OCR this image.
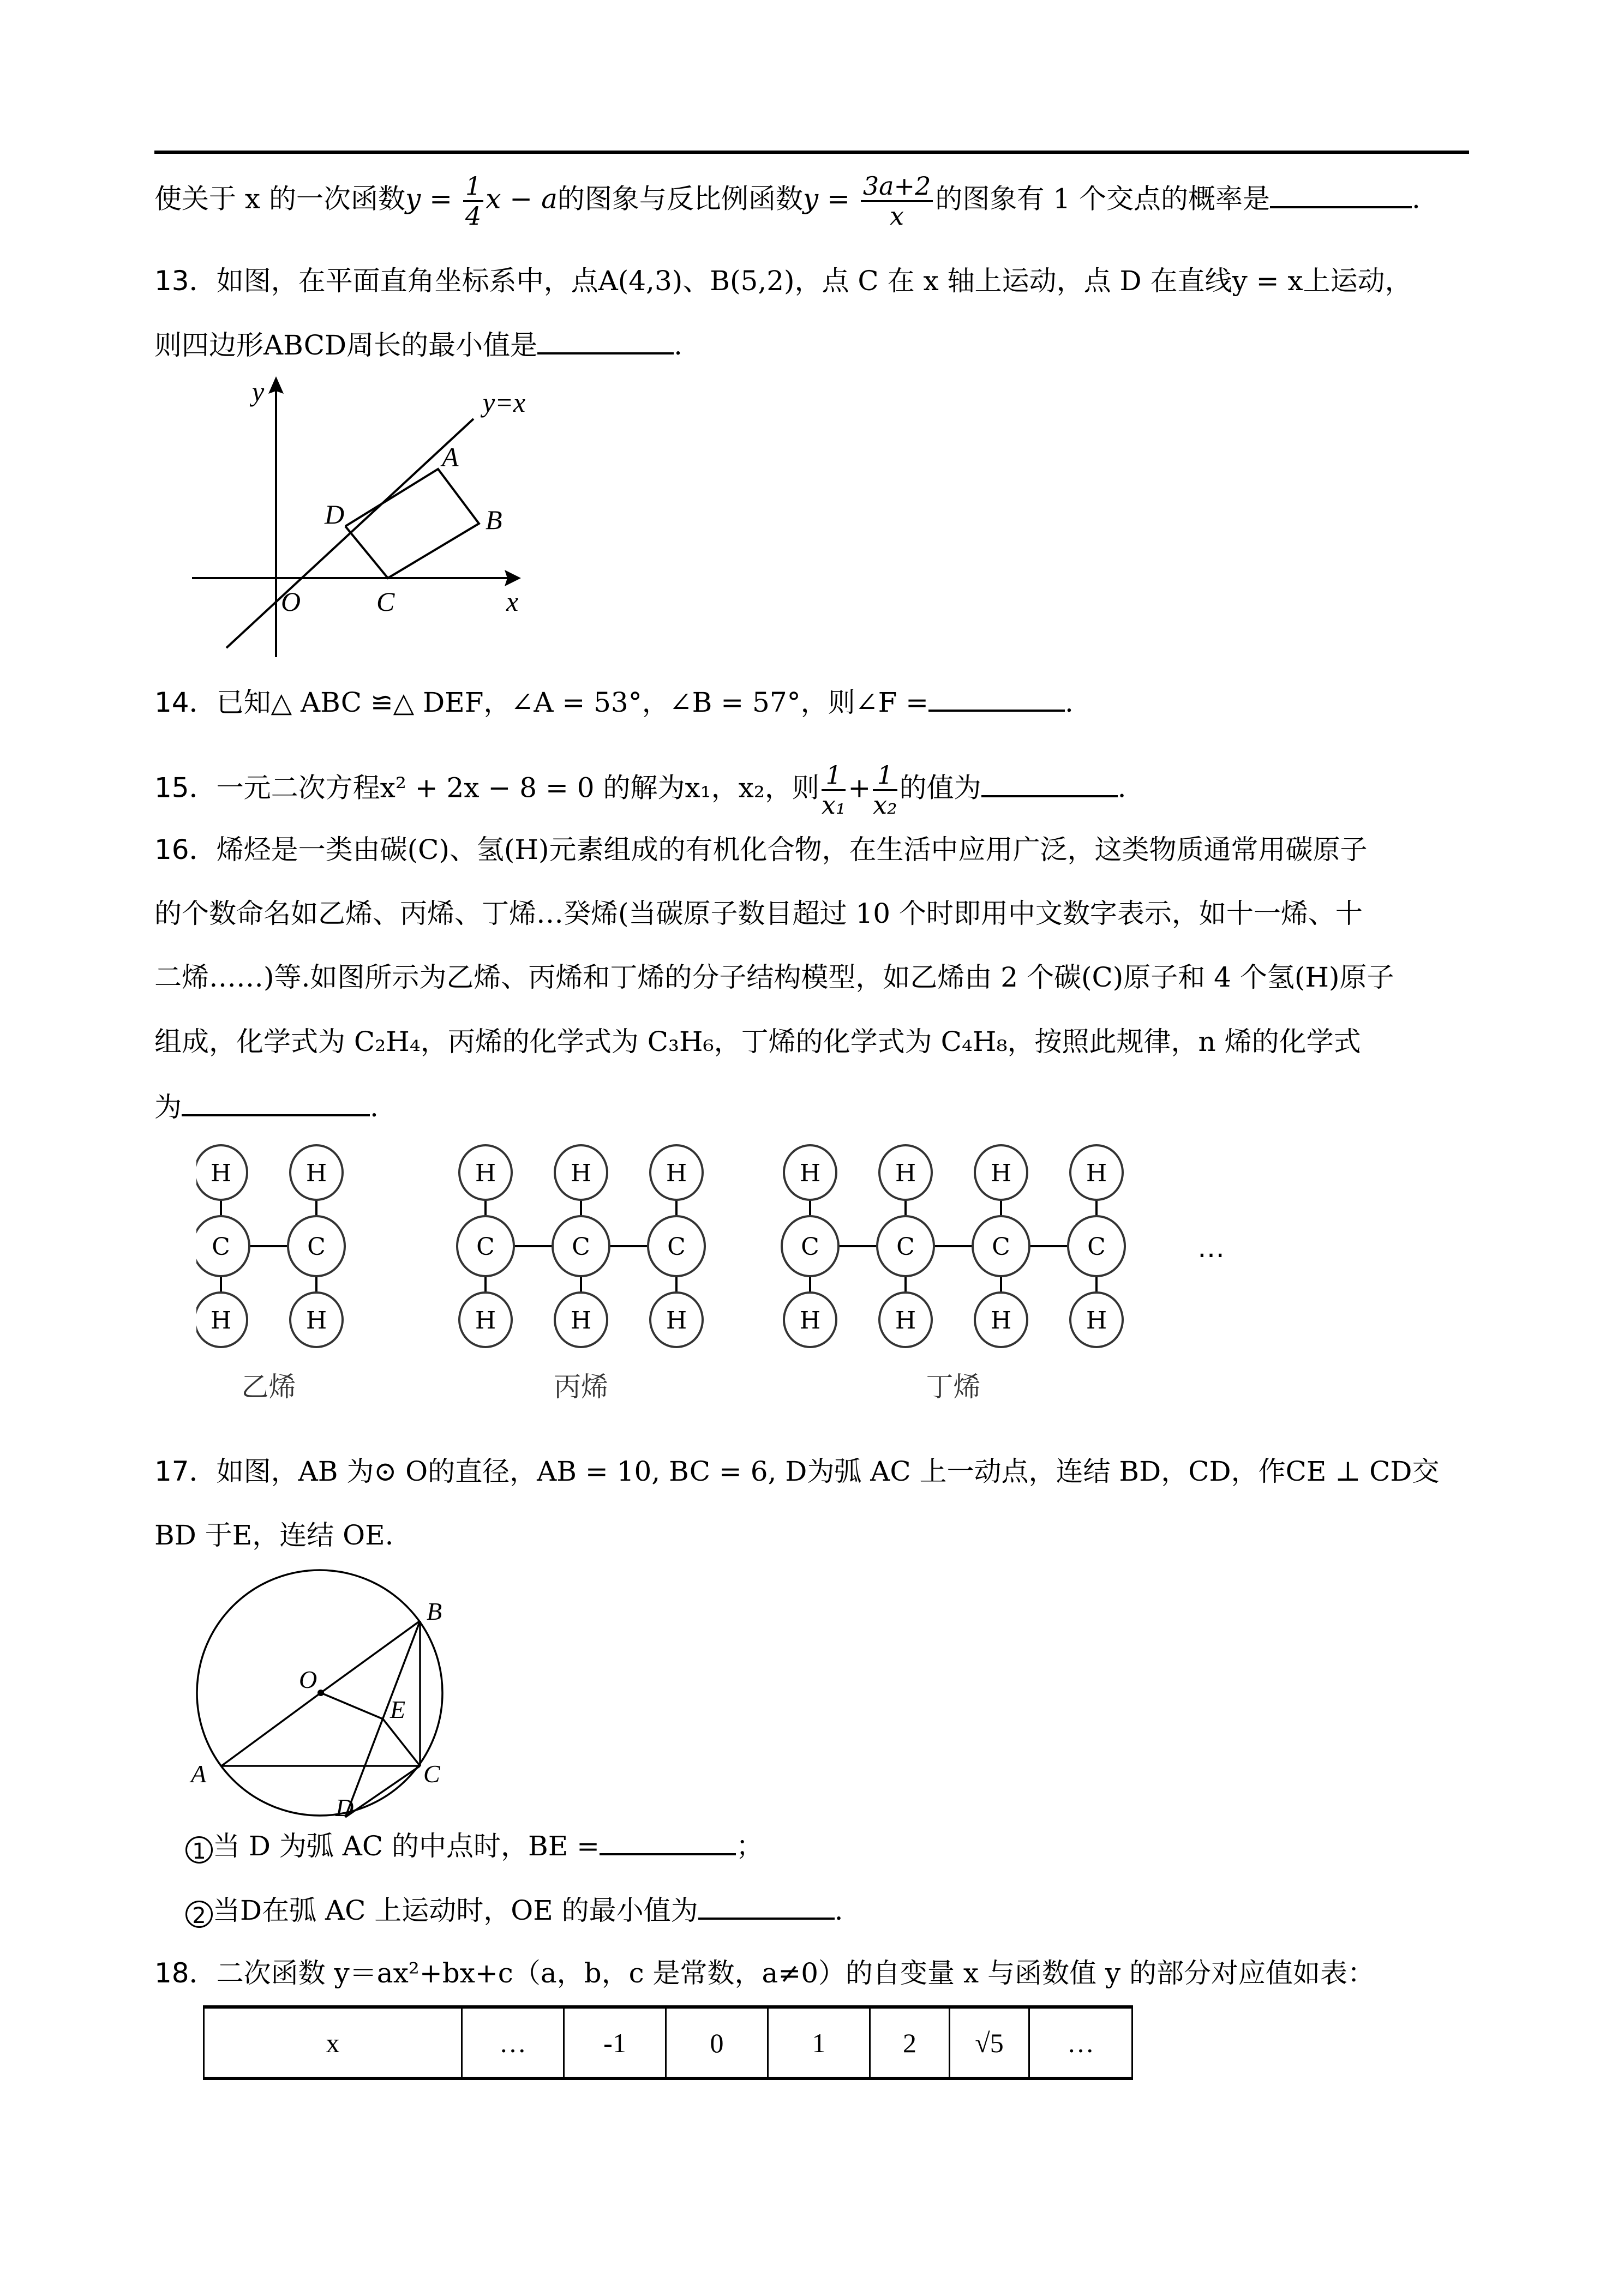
使关于 x 的一次函数$y = \frac{1}{4}$ x − a的图象与反比例函数$y = \frac{3a+2}{x}$ 的图象有 1 个交点的概率是	.
13．如图，在平面直角坐标系中，点A(4,3)、B(5,2)，点 C 在 x 轴上运动，点 D 在直线y = x上运动，
则四边形ABCD周长的最小值是	.
y	y=x
A
B
D
O	C	x
14．已知△ ABC ≌△ DEF，∠A = 53°，∠B = 57°，则∠F =	.
15．一元二次方程x² + 2x − 8 = 0 的解为x₁，x₂，则 $\frac{1}{\text{x₁}} + \frac{1}{\text{x₂}}$ 的值为	.
16．烯烃是一类由碳(C)、氢(H)元素组成的有机化合物，在生活中应用广泛，这类物质通常用碳原子
的个数命名如乙烯、丙烯、丁烯…癸烯(当碳原子数目超过 10 个时即用中文数字表示，如十一烯、十
二烯……)等.如图所示为乙烯、丙烯和丁烯的分子结构模型，如乙烯由 2 个碳(C)原子和 4 个氢(H)原子
组成，化学式为 C₂H₄，丙烯的化学式为 C₃H₆，丁烯的化学式为 C₄H₈，按照此规律，n 烯的化学式
为	.
H
C
H
H
C
H
乙烯
H
C
H
H
C
H
H
C
H
丙烯
H
C
H
H
C
H
H
C
H
H
C
H
丁烯
…
17．如图，AB 为⊙ O的直径，AB = 10, BC = 6, D为弧 AC 上一动点，连结 BD，CD，作CE ⊥ CD交
BD 于E，连结 OE.
B
O
E
A	C
D
1 当 D 为弧 AC 的中点时，BE =	；
2 当D在弧 AC 上运动时，OE 的最小值为	.
18．二次函数 y＝ax²+bx+c（a，b，c 是常数，a≠0）的自变量 x 与函数值 y 的部分对应值如表：
x	…	-1	0	1	2	√5	…
